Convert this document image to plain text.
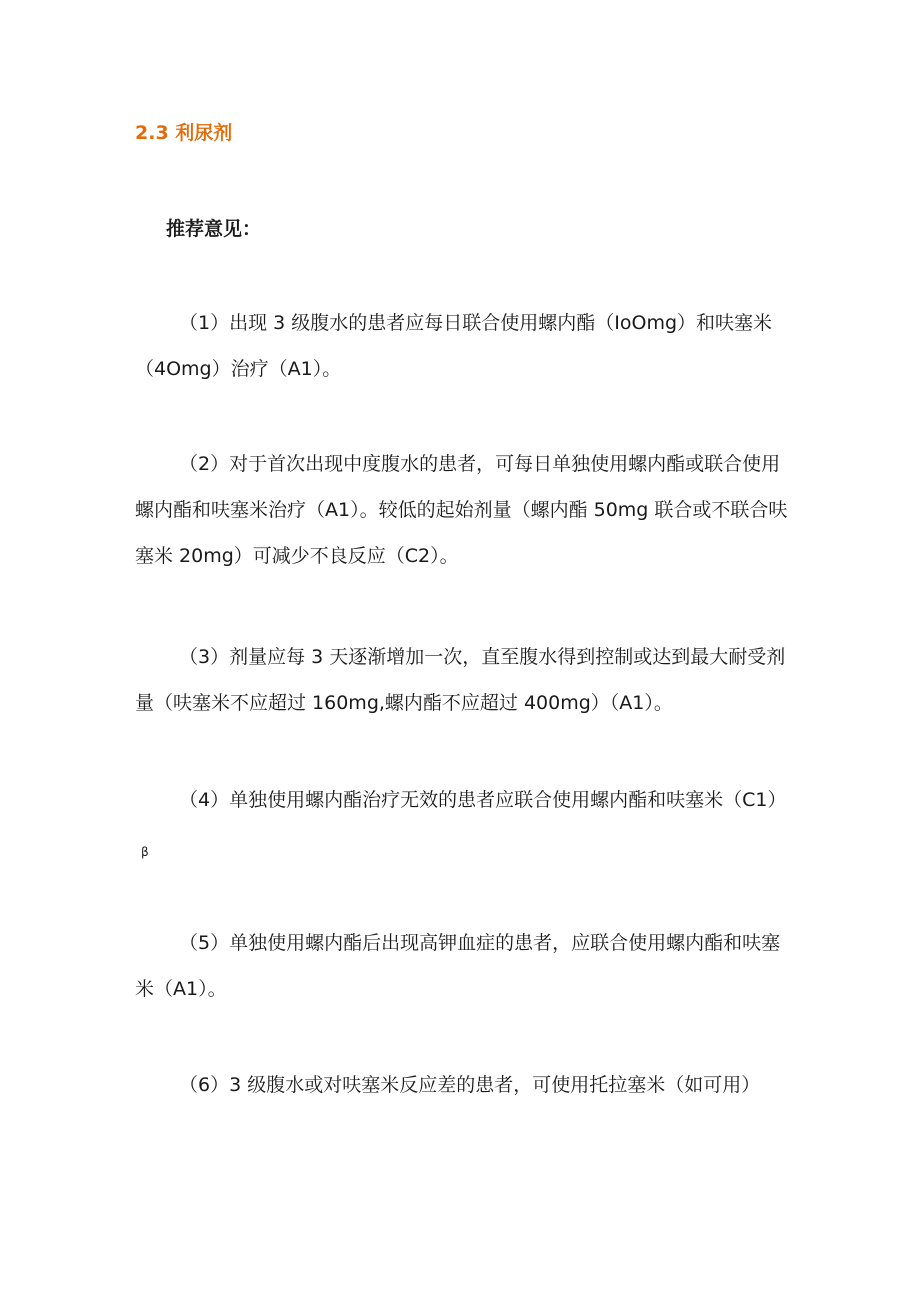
2.3 利尿剂
推荐意见：

（1）出现 3 级腹水的患者应每日联合使用螺内酯（IoOmg）和呋塞米（4Omg）治疗（A1）。

（2）对于首次出现中度腹水的患者，可每日单独使用螺内酯或联合使用螺内酯和呋塞米治疗（A1）。较低的起始剂量（螺内酯 50mg 联合或不联合呋塞米 20mg）可减少不良反应（C2）。

（3）剂量应每 3 天逐渐增加一次，直至腹水得到控制或达到最大耐受剂量（呋塞米不应超过 160mg,螺内酯不应超过 400mg）（A1）。

（4）单独使用螺内酯治疗无效的患者应联合使用螺内酯和呋塞米$(C1)_\beta$

（5）单独使用螺内酯后出现高钾血症的患者，应联合使用螺内酯和呋塞米（A1）。

（6）3 级腹水或对呋塞米反应差的患者，可使用托拉塞米（如可用）
